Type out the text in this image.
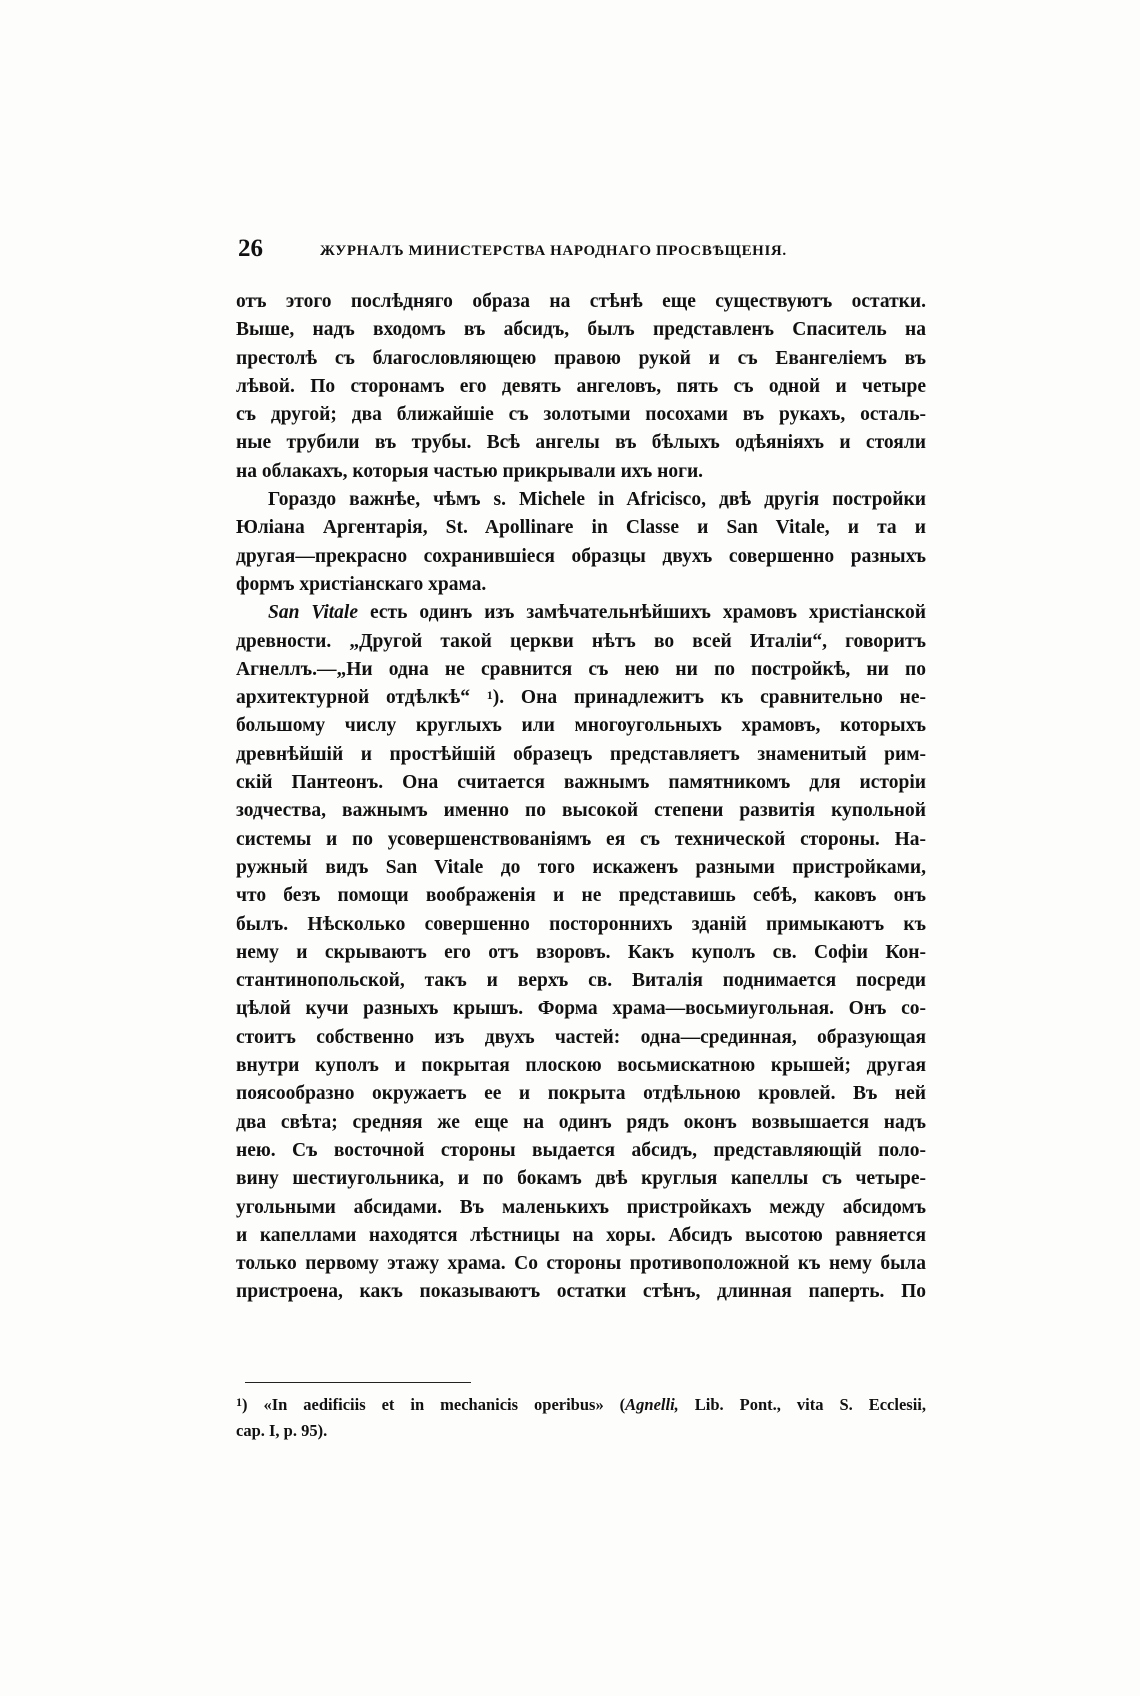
26	ЖУРНАЛЪ МИНИСТЕРСТВА НАРОДНАГО ПРОСВѢЩЕНІЯ.
отъ этого послѣдняго образа на стѣнѣ еще существуютъ остатки.
Выше, надъ входомъ въ абсидъ, былъ представленъ Спаситель на
престолѣ съ благословляющею правою рукой и съ Евангеліемъ въ
лѣвой. По сторонамъ его девять ангеловъ, пять съ одной и четыре
съ другой; два ближайшіе съ золотыми посохами въ рукахъ, осталь-
ные трубили въ трубы. Всѣ ангелы въ бѣлыхъ одѣяніяхъ и стояли
на облакахъ, которыя частью прикрывали ихъ ноги.
Гораздо важнѣе, чѣмъ s. Michele in Africisco, двѣ другія постройки
Юліана Аргентарія, St. Apollinare in Classe и San Vitale, и та и
другая—прекрасно сохранившіеся образцы двухъ совершенно разныхъ
формъ христіанскаго храма.
San Vitale есть одинъ изъ замѣчательнѣйшихъ храмовъ христіанской
древности. „Другой такой церкви нѣтъ во всей Италіи“, говоритъ
Агнеллъ.—„Ни одна не сравнится съ нею ни по постройкѣ, ни по
архитектурной отдѣлкѣ“ $^1$). Она принадлежитъ къ сравнительно не-
большому числу круглыхъ или многоугольныхъ храмовъ, которыхъ
древнѣйшій и простѣйшій образецъ представляетъ знаменитый рим-
скій Пантеонъ. Она считается важнымъ памятникомъ для исторіи
зодчества, важнымъ именно по высокой степени развитія купольной
системы и по усовершенствованіямъ ея съ технической стороны. На-
ружный видъ San Vitale до того искаженъ разными пристройками,
что безъ помощи воображенія и не представишь себѣ, каковъ онъ
былъ. Нѣсколько совершенно постороннихъ зданій примыкаютъ къ
нему и скрываютъ его отъ взоровъ. Какъ куполъ св. Софіи Кон-
стантинопольской, такъ и верхъ св. Виталія поднимается посреди
цѣлой кучи разныхъ крышъ. Форма храма—восьмиугольная. Онъ со-
стоитъ собственно изъ двухъ частей: одна—срединная, образующая
внутри куполъ и покрытая плоскою восьмискатною крышей; другая
поясообразно окружаетъ ее и покрыта отдѣльною кровлей. Въ ней
два свѣта; средняя же еще на одинъ рядъ оконъ возвышается надъ
нею. Съ восточной стороны выдается абсидъ, представляющій поло-
вину шестиугольника, и по бокамъ двѣ круглыя капеллы съ четыре-
угольными абсидами. Въ маленькихъ пристройкахъ между абсидомъ
и капеллами находятся лѣстницы на хоры. Абсидъ высотою равняется
только первому этажу храма. Со стороны противоположной къ нему была
пристроена, какъ показываютъ остатки стѣнъ, длинная паперть. По
$^1$) «In aedificiis et in mechanicis operibus» (Agnelli, Lib. Pont., vita S. Ecclesii,
cap. I, p. 95).
